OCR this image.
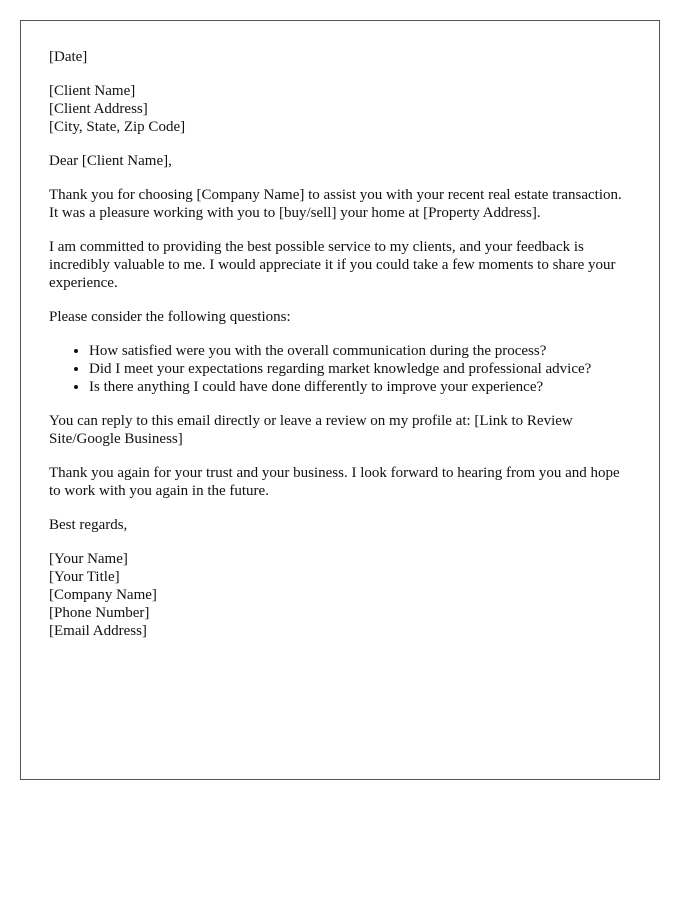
[Date]

[Client Name]
[Client Address]
[City, State, Zip Code]

Dear [Client Name],

Thank you for choosing [Company Name] to assist you with your recent real estate transaction. It was a pleasure working with you to [buy/sell] your home at [Property Address].

I am committed to providing the best possible service to my clients, and your feedback is incredibly valuable to me. I would appreciate it if you could take a few moments to share your experience.

Please consider the following questions:

• How satisfied were you with the overall communication during the process?
• Did I meet your expectations regarding market knowledge and professional advice?
• Is there anything I could have done differently to improve your experience?

You can reply to this email directly or leave a review on my profile at: [Link to Review Site/Google Business]

Thank you again for your trust and your business. I look forward to hearing from you and hope to work with you again in the future.

Best regards,

[Your Name]
[Your Title]
[Company Name]
[Phone Number]
[Email Address]
